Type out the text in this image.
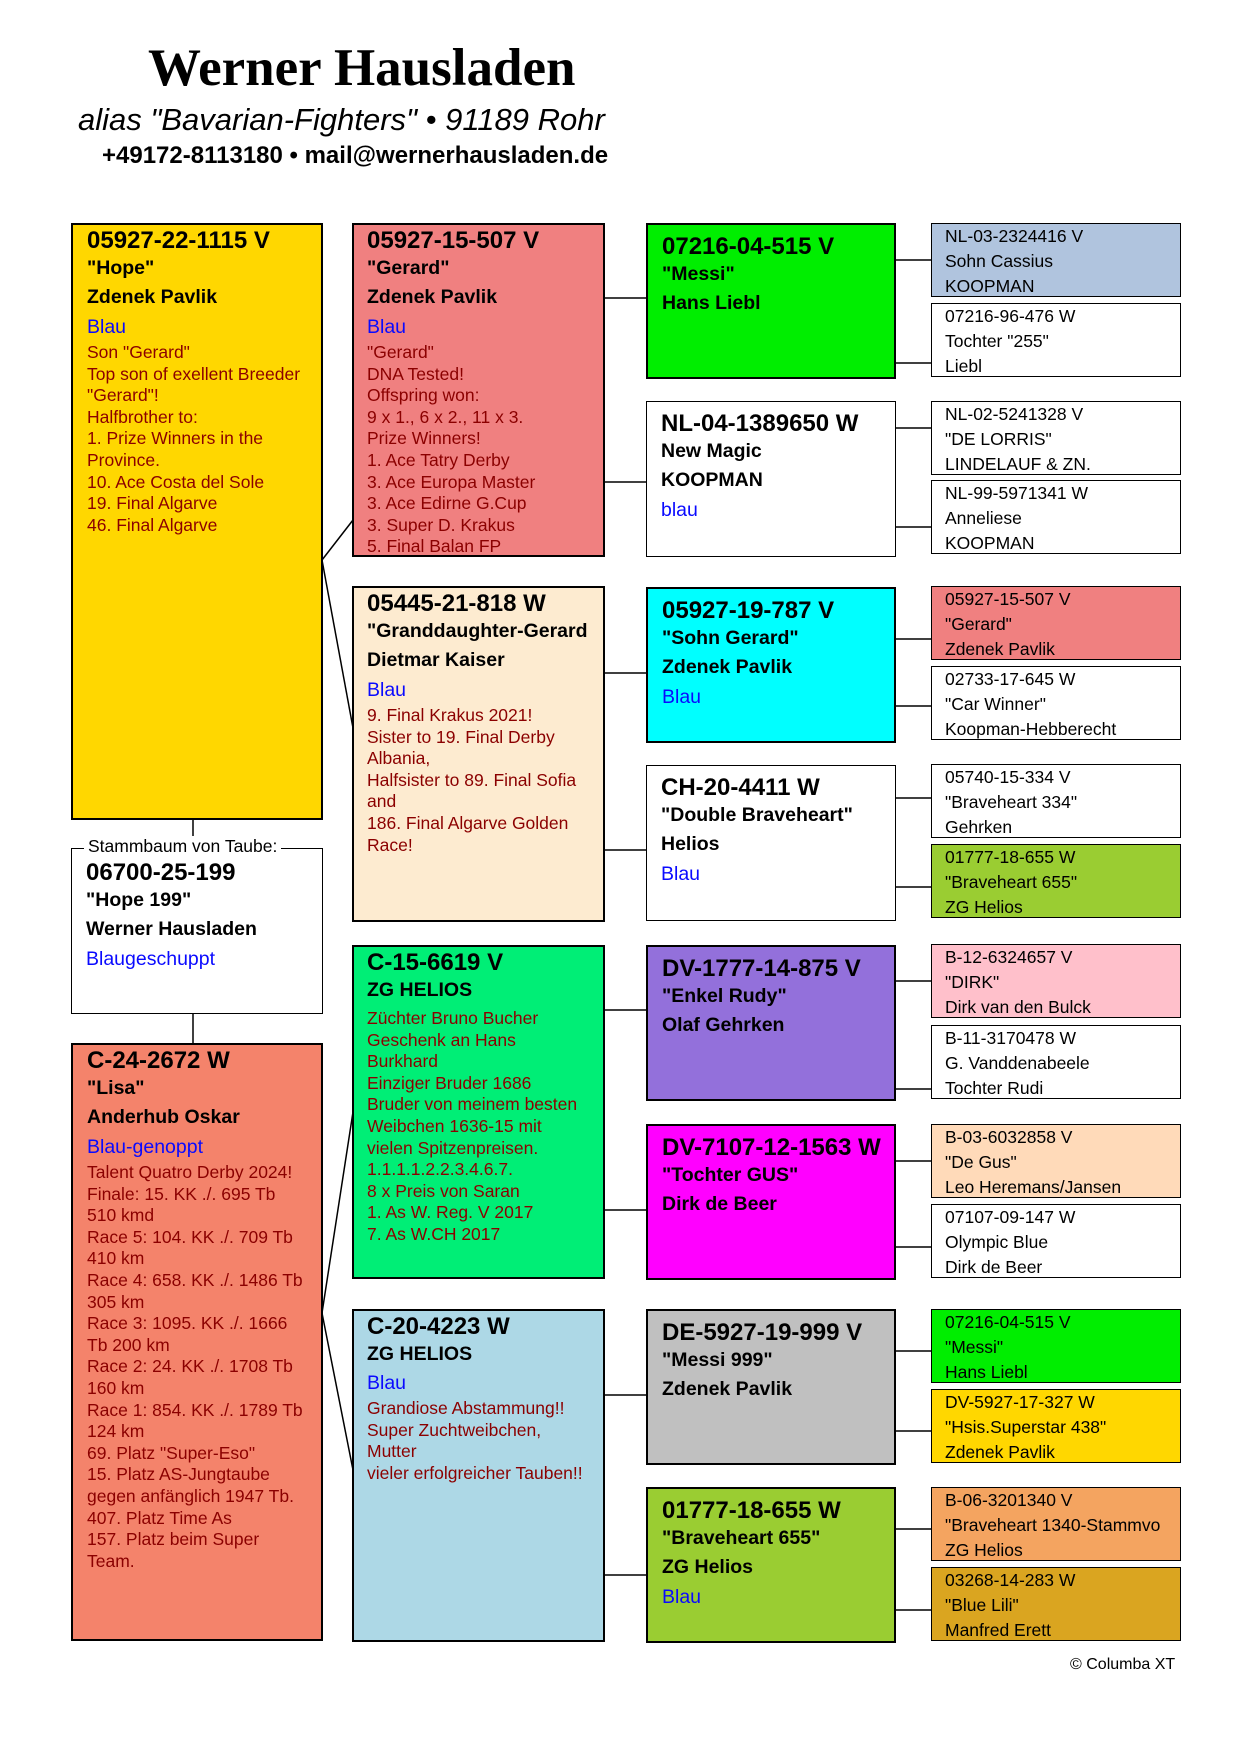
Werner Hausladen
alias "Bavarian-Fighters" • 91189 Rohr
+49172-8113180 • mail@wernerhausladen.de
05927-22-1115 V
"Hope"
Zdenek Pavlik
Blau
Son "Gerard"
Top son of exellent Breeder
"Gerard"!
Halfbrother to:
1. Prize Winners in the
Province.
10. Ace Costa del Sole
19. Final Algarve
46. Final Algarve
06700-25-199
"Hope 199"
Werner Hausladen
Blaugeschuppt
Stammbaum von Taube:
C-24-2672 W
"Lisa"
Anderhub Oskar
Blau-genoppt
Talent Quatro Derby 2024!
Finale: 15. KK ./. 695 Tb
510 kmd
Race 5: 104. KK ./. 709 Tb
410 km
Race 4: 658. KK ./. 1486 Tb
305 km
Race 3: 1095. KK ./. 1666
Tb 200 km
Race 2: 24. KK ./. 1708 Tb
160 km
Race 1: 854. KK ./. 1789 Tb
124 km
69. Platz "Super-Eso"
15. Platz AS-Jungtaube
gegen anfänglich 1947 Tb.
407. Platz Time As
157. Platz beim Super
Team.
05927-15-507 V
"Gerard"
Zdenek Pavlik
Blau
"Gerard"
DNA Tested!
Offspring won:
9 x 1., 6 x 2., 11 x 3.
Prize Winners!
1. Ace Tatry Derby
3. Ace Europa Master
3. Ace Edirne G.Cup
3. Super D. Krakus
5. Final Balan FP
05445-21-818 W
"Granddaughter-Gerard
Dietmar Kaiser
Blau
9. Final Krakus 2021!
Sister to 19. Final Derby
Albania,
Halfsister to 89. Final Sofia
and
186. Final Algarve Golden
Race!
C-15-6619 V
ZG HELIOS
Züchter Bruno Bucher
Geschenk an Hans
Burkhard
Einziger Bruder 1686
Bruder von meinem besten
Weibchen 1636-15 mit
vielen Spitzenpreisen.
1.1.1.1.2.2.3.4.6.7.
8 x Preis von Saran
1. As W. Reg. V 2017
7. As W.CH 2017
C-20-4223 W
ZG HELIOS
Blau
Grandiose Abstammung!!
Super Zuchtweibchen,
Mutter
vieler erfolgreicher Tauben!!
07216-04-515 V
"Messi"
Hans Liebl
NL-04-1389650 W
New Magic
KOOPMAN
blau
05927-19-787 V
"Sohn Gerard"
Zdenek Pavlik
Blau
CH-20-4411 W
"Double Braveheart"
Helios
Blau
DV-1777-14-875 V
"Enkel Rudy"
Olaf Gehrken
DV-7107-12-1563 W
"Tochter GUS"
Dirk de Beer
DE-5927-19-999 V
"Messi 999"
Zdenek Pavlik
01777-18-655 W
"Braveheart 655"
ZG Helios
Blau
NL-03-2324416 V
Sohn Cassius
KOOPMAN
07216-96-476 W
Tochter "255"
Liebl
NL-02-5241328 V
"DE LORRIS"
LINDELAUF & ZN.
NL-99-5971341 W
Anneliese
KOOPMAN
05927-15-507 V
"Gerard"
Zdenek Pavlik
02733-17-645 W
"Car Winner"
Koopman-Hebberecht
05740-15-334 V
"Braveheart 334"
Gehrken
01777-18-655 W
"Braveheart 655"
ZG Helios
B-12-6324657 V
"DIRK"
Dirk van den Bulck
B-11-3170478 W
G. Vanddenabeele
Tochter Rudi
B-03-6032858 V
"De Gus"
Leo Heremans/Jansen
07107-09-147 W
Olympic Blue
Dirk de Beer
07216-04-515 V
"Messi"
Hans Liebl
DV-5927-17-327 W
"Hsis.Superstar 438"
Zdenek Pavlik
B-06-3201340 V
"Braveheart 1340-Stammvo
ZG Helios
03268-14-283 W
"Blue Lili"
Manfred Erett
© Columba XT
